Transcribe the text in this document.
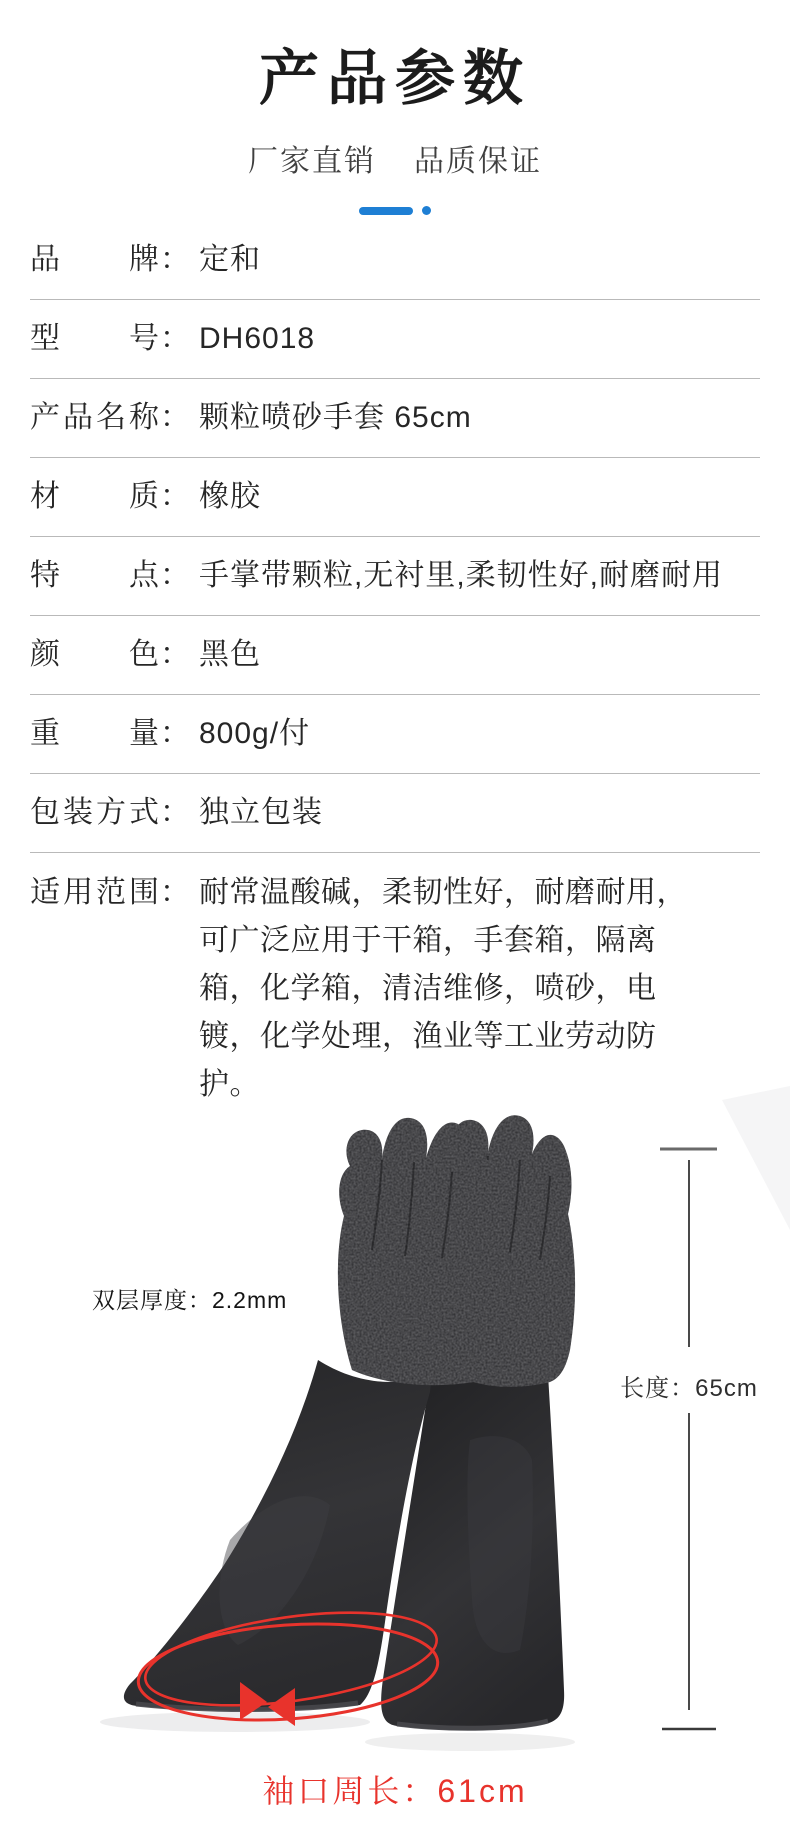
产品参数
厂家直销 品质保证
品牌 ： 定和
型号 ： DH6018
产品名称 ： 颗粒喷砂手套 65cm
材质 ： 橡胶
特点 ： 手掌带颗粒,无衬里,柔韧性好,耐磨耐用
颜色 ： 黑色
重量 ： 800g/付
包装方式 ： 独立包装
适用范围 ： 耐常温酸碱，柔韧性好，耐磨耐用，可广泛应用于干箱，手套箱，隔离箱，化学箱，清洁维修，喷砂，电镀，化学处理，渔业等工业劳动防护。
双层厚度：2.2mm
长度：65cm
袖口周长：61cm
